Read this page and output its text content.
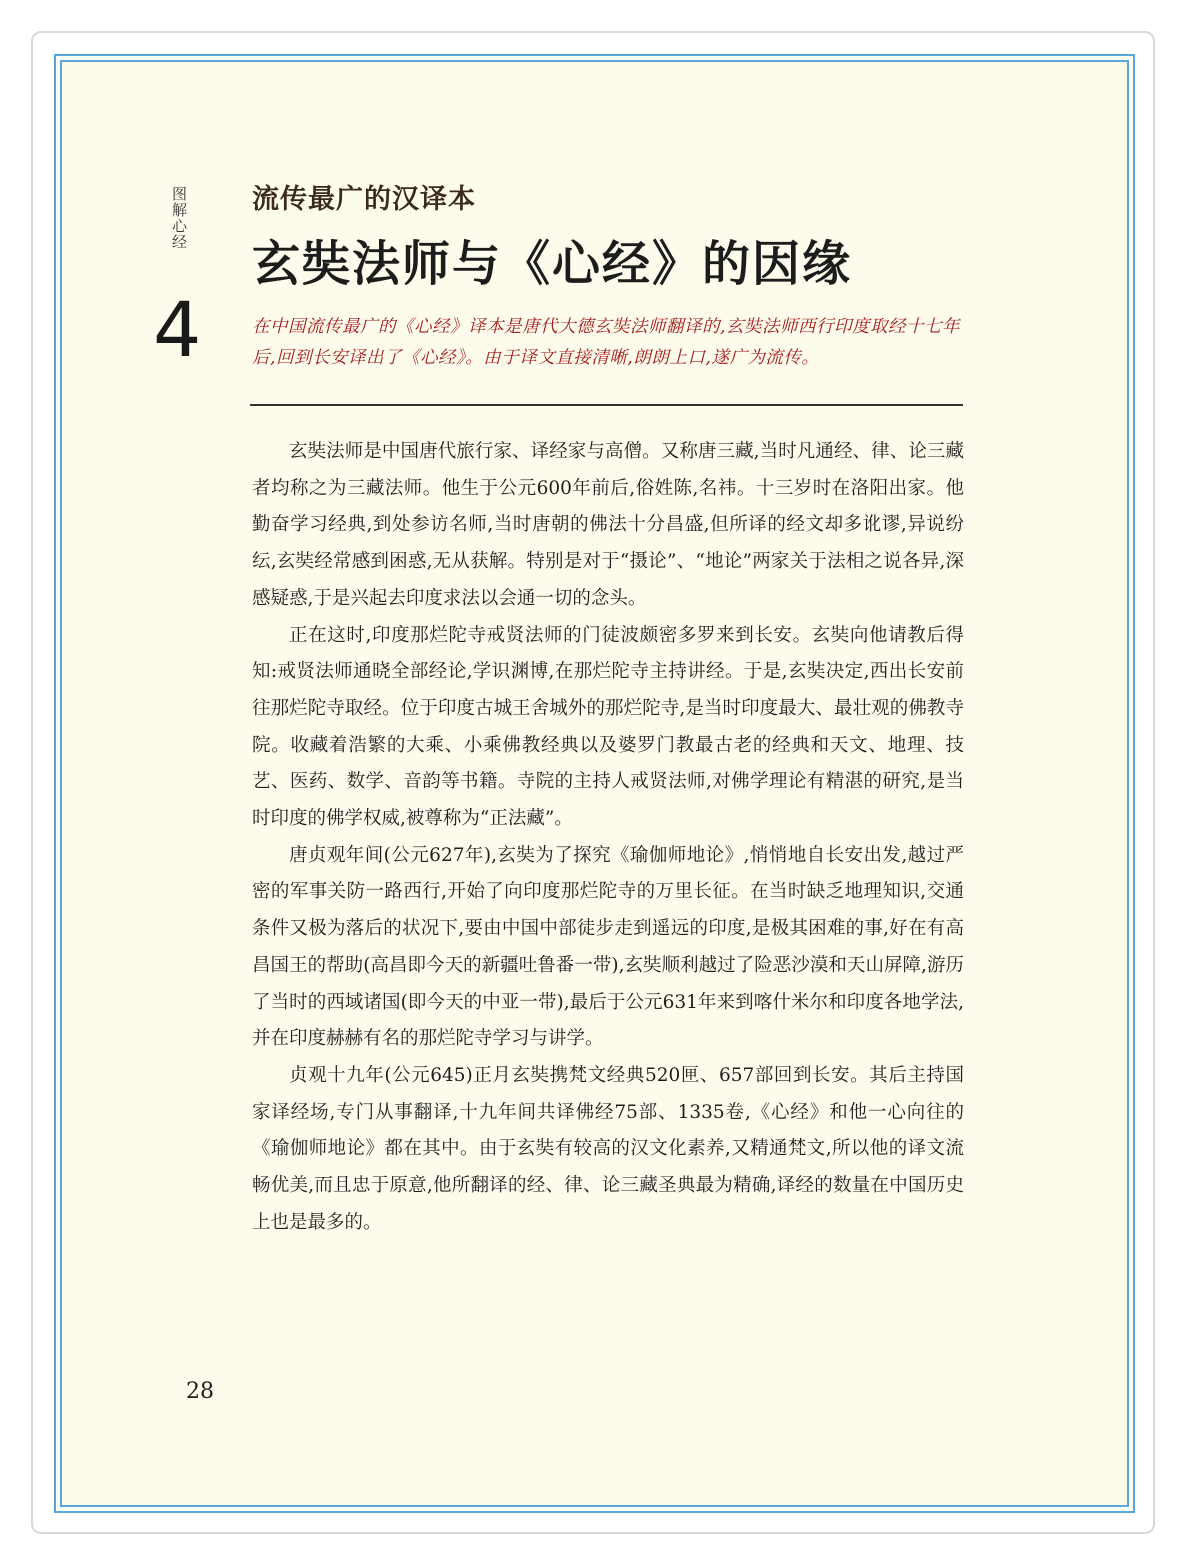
图解心经
4
流传最广的汉译本
玄奘法师与《心经》的因缘
在中国流传最广的《心经》译本是唐代大德玄奘法师翻译的,玄奘法师西行印度取经十七年后,回到长安译出了《心经》。由于译文直接清晰,朗朗上口,遂广为流传。

玄奘法师是中国唐代旅行家、译经家与高僧。又称唐三藏,当时凡通经、律、论三藏者均称之为三藏法师。他生于公元600年前后,俗姓陈,名祎。十三岁时在洛阳出家。他勤奋学习经典,到处参访名师,当时唐朝的佛法十分昌盛,但所译的经文却多讹谬,异说纷纭,玄奘经常感到困惑,无从获解。特别是对于“摄论”、“地论”两家关于法相之说各异,深感疑惑,于是兴起去印度求法以会通一切的念头。

正在这时,印度那烂陀寺戒贤法师的门徒波颇密多罗来到长安。玄奘向他请教后得知:戒贤法师通晓全部经论,学识渊博,在那烂陀寺主持讲经。于是,玄奘决定,西出长安前往那烂陀寺取经。位于印度古城王舍城外的那烂陀寺,是当时印度最大、最壮观的佛教寺院。收藏着浩繁的大乘、小乘佛教经典以及婆罗门教最古老的经典和天文、地理、技艺、医药、数学、音韵等书籍。寺院的主持人戒贤法师,对佛学理论有精湛的研究,是当时印度的佛学权威,被尊称为“正法藏”。

唐贞观年间(公元627年),玄奘为了探究《瑜伽师地论》,悄悄地自长安出发,越过严密的军事关防一路西行,开始了向印度那烂陀寺的万里长征。在当时缺乏地理知识,交通条件又极为落后的状况下,要由中国中部徒步走到遥远的印度,是极其困难的事,好在有高昌国王的帮助(高昌即今天的新疆吐鲁番一带),玄奘顺利越过了险恶沙漠和天山屏障,游历了当时的西域诸国(即今天的中亚一带),最后于公元631年来到喀什米尔和印度各地学法,并在印度赫赫有名的那烂陀寺学习与讲学。

贞观十九年(公元645)正月玄奘携梵文经典520匣、657部回到长安。其后主持国家译经场,专门从事翻译,十九年间共译佛经75部、1335卷,《心经》和他一心向往的《瑜伽师地论》都在其中。由于玄奘有较高的汉文化素养,又精通梵文,所以他的译文流畅优美,而且忠于原意,他所翻译的经、律、论三藏圣典最为精确,译经的数量在中国历史上也是最多的。

28
